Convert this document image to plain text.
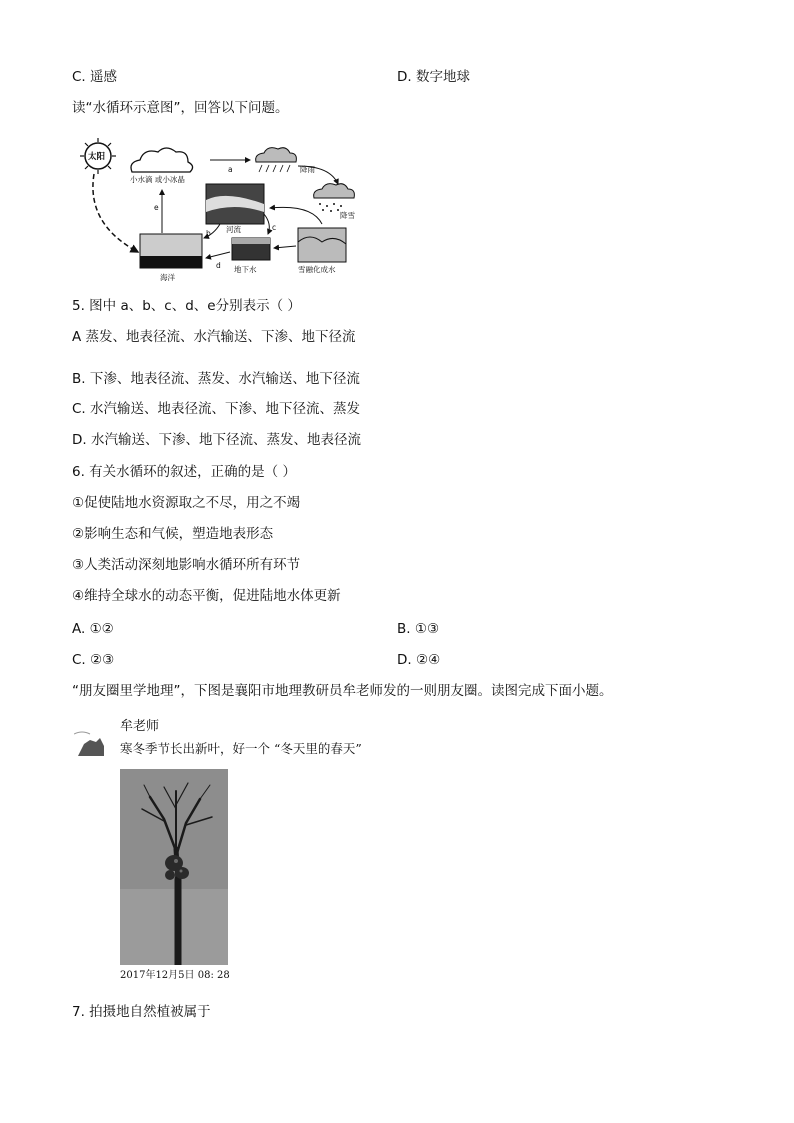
C. 遥感	D. 数字地球
读“水循环示意图”，回答以下问题。
太阳
小水滴 或小冰晶
降雨
降雪
河流
海洋
地下水	雪融化成水
a
e
b
c
d
5. 图中 a、b、c、d、e分别表示（ ）
A 蒸发、地表径流、水汽输送、下渗、地下径流
B. 下渗、地表径流、蒸发、水汽输送、地下径流
C. 水汽输送、地表径流、下渗、地下径流、蒸发
D. 水汽输送、下渗、地下径流、蒸发、地表径流
6. 有关水循环的叙述，正确的是（ ）
①促使陆地水资源取之不尽，用之不竭
②影响生态和气候，塑造地表形态
③人类活动深刻地影响水循环所有环节
④维持全球水的动态平衡，促进陆地水体更新
A. ①②	B. ①③
C. ②③	D. ②④
“朋友圈里学地理”，下图是襄阳市地理教研员牟老师发的一则朋友圈。读图完成下面小题。
牟老师
寒冬季节长出新叶，好一个 “冬天里的春天”
2017年12月5日 08: 28
7. 拍摄地自然植被属于
